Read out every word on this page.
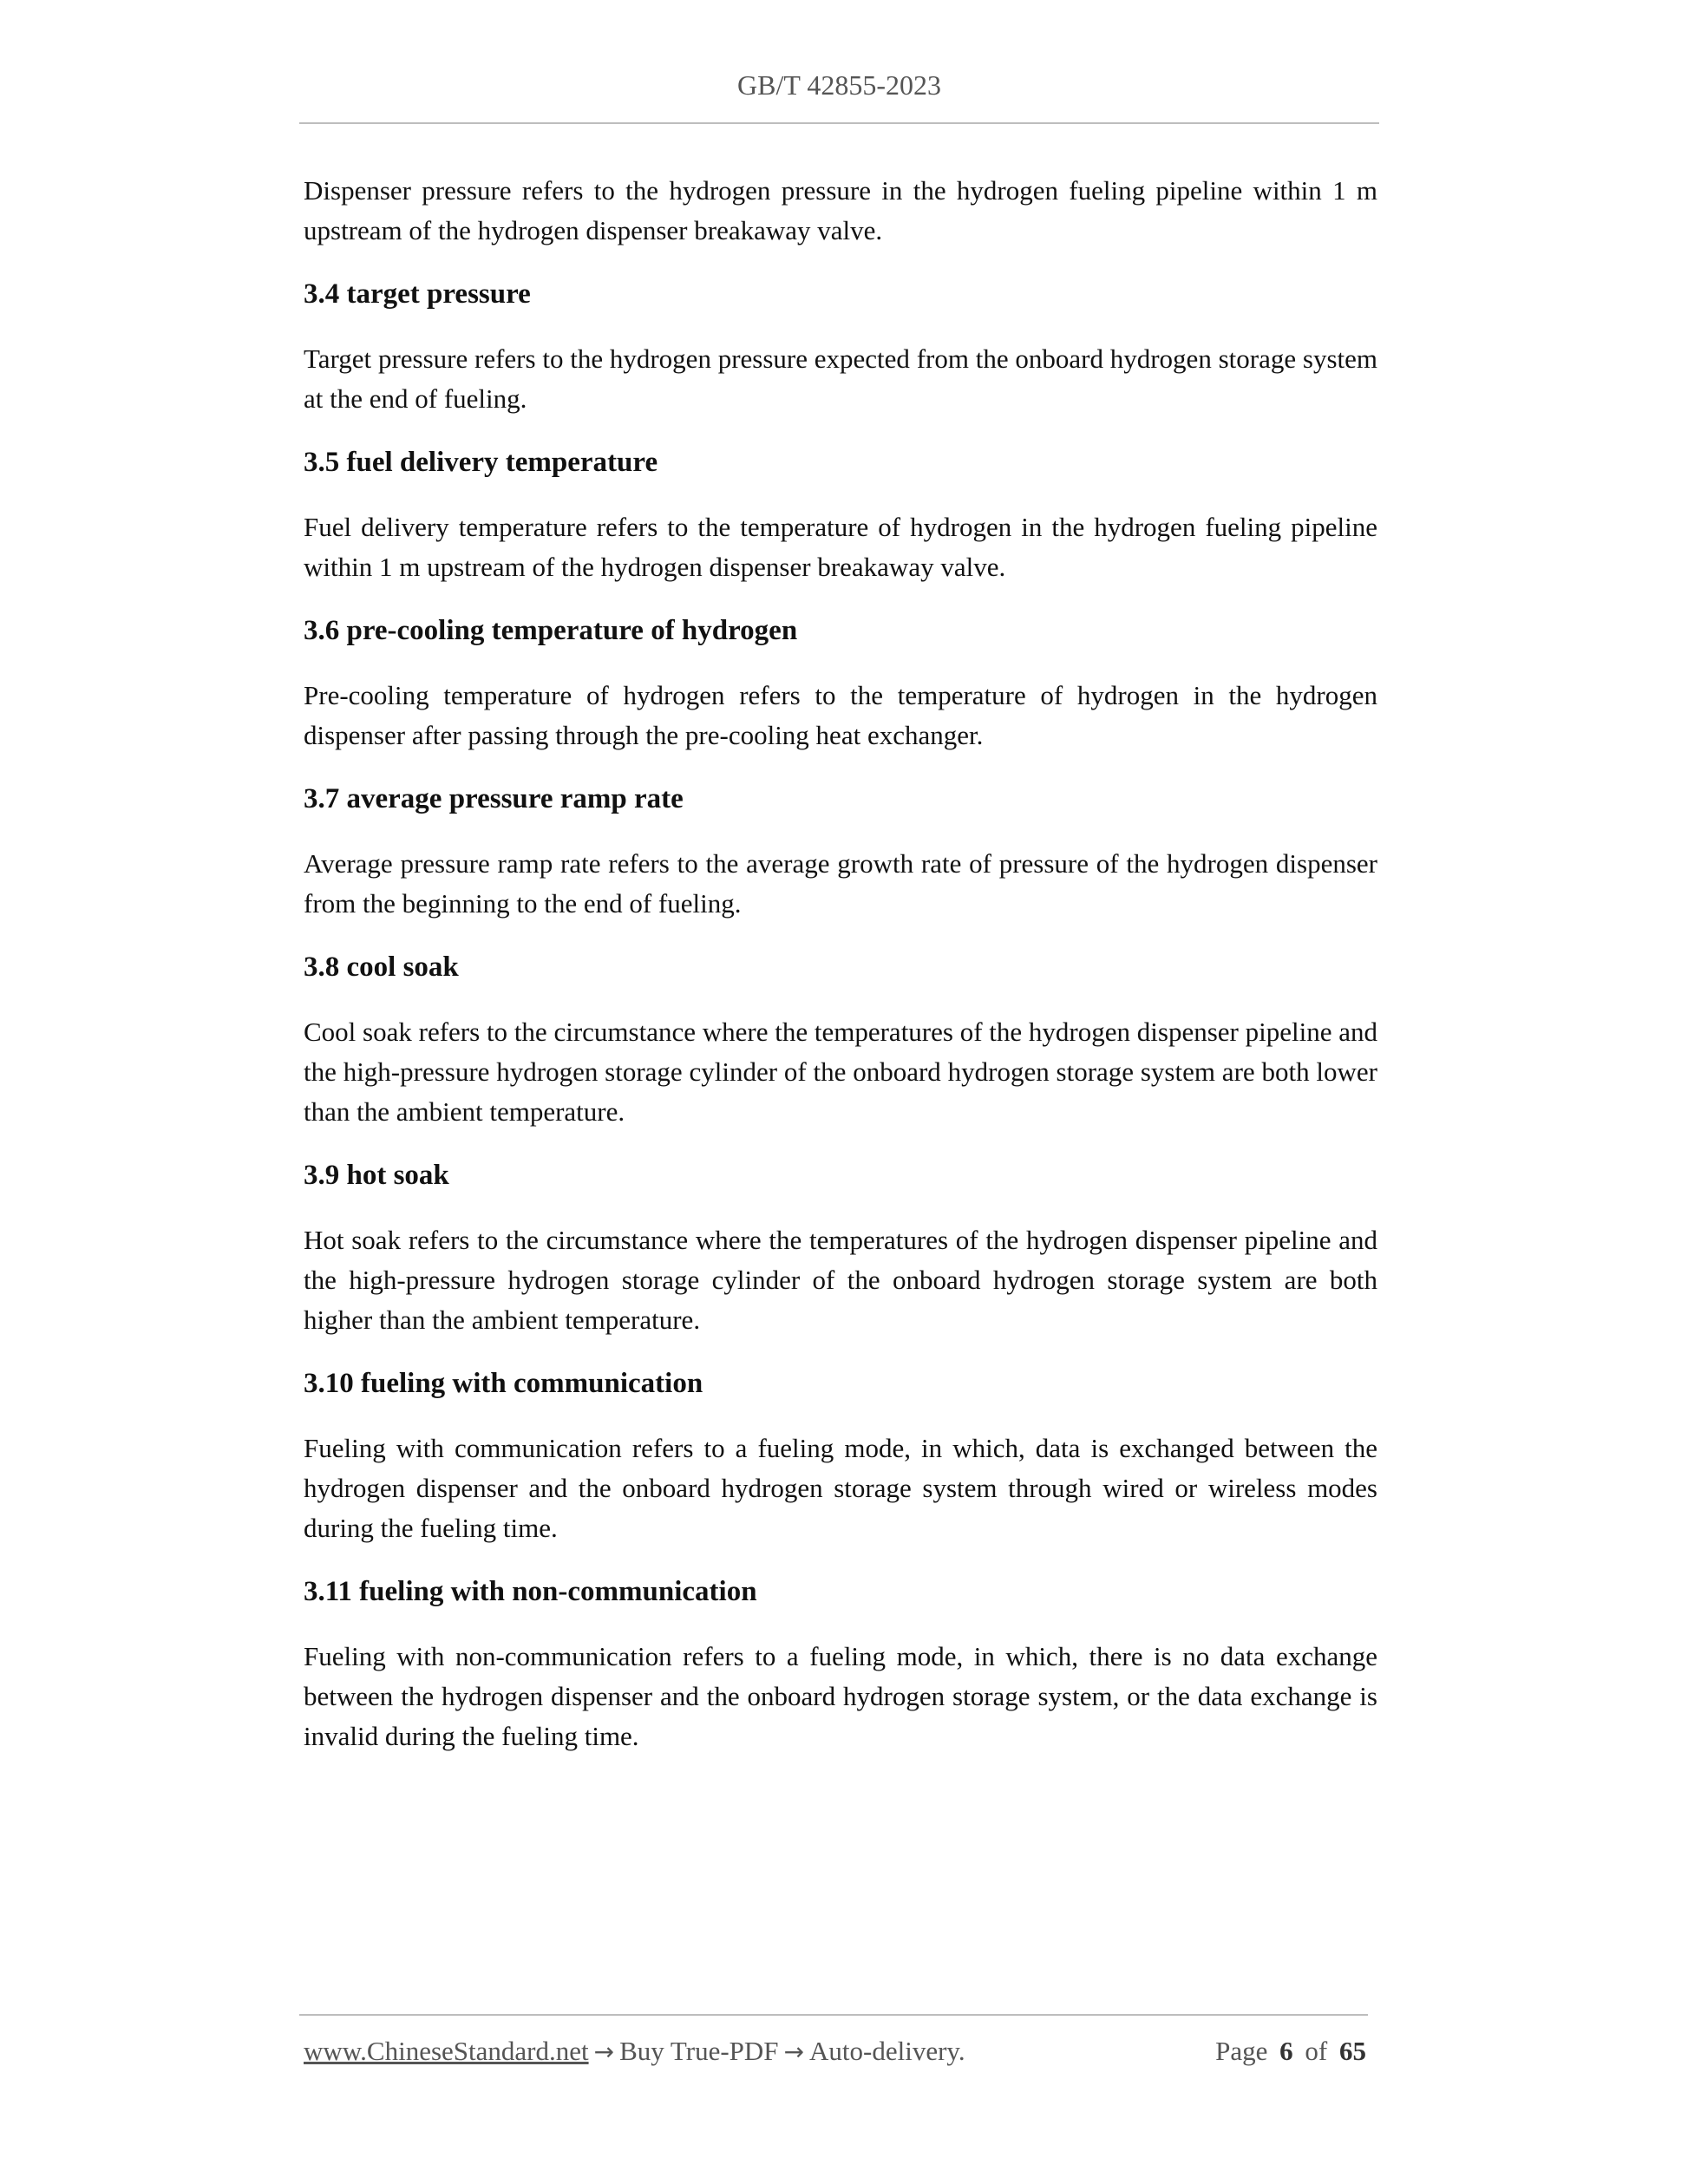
GB/T 42855-2023

Dispenser pressure refers to the hydrogen pressure in the hydrogen fueling pipeline within 1 m upstream of the hydrogen dispenser breakaway valve.

3.4 target pressure

Target pressure refers to the hydrogen pressure expected from the onboard hydrogen storage system at the end of fueling.

3.5 fuel delivery temperature

Fuel delivery temperature refers to the temperature of hydrogen in the hydrogen fueling pipeline within 1 m upstream of the hydrogen dispenser breakaway valve.

3.6 pre-cooling temperature of hydrogen

Pre-cooling temperature of hydrogen refers to the temperature of hydrogen in the hydrogen dispenser after passing through the pre-cooling heat exchanger.

3.7 average pressure ramp rate

Average pressure ramp rate refers to the average growth rate of pressure of the hydrogen dispenser from the beginning to the end of fueling.

3.8 cool soak

Cool soak refers to the circumstance where the temperatures of the hydrogen dispenser pipeline and the high-pressure hydrogen storage cylinder of the onboard hydrogen storage system are both lower than the ambient temperature.

3.9 hot soak

Hot soak refers to the circumstance where the temperatures of the hydrogen dispenser pipeline and the high-pressure hydrogen storage cylinder of the onboard hydrogen storage system are both higher than the ambient temperature.

3.10 fueling with communication

Fueling with communication refers to a fueling mode, in which, data is exchanged between the hydrogen dispenser and the onboard hydrogen storage system through wired or wireless modes during the fueling time.

3.11 fueling with non-communication

Fueling with non-communication refers to a fueling mode, in which, there is no data exchange between the hydrogen dispenser and the onboard hydrogen storage system, or the data exchange is invalid during the fueling time.

www.ChineseStandard.net → Buy True-PDF → Auto-delivery.	Page 6 of 65
